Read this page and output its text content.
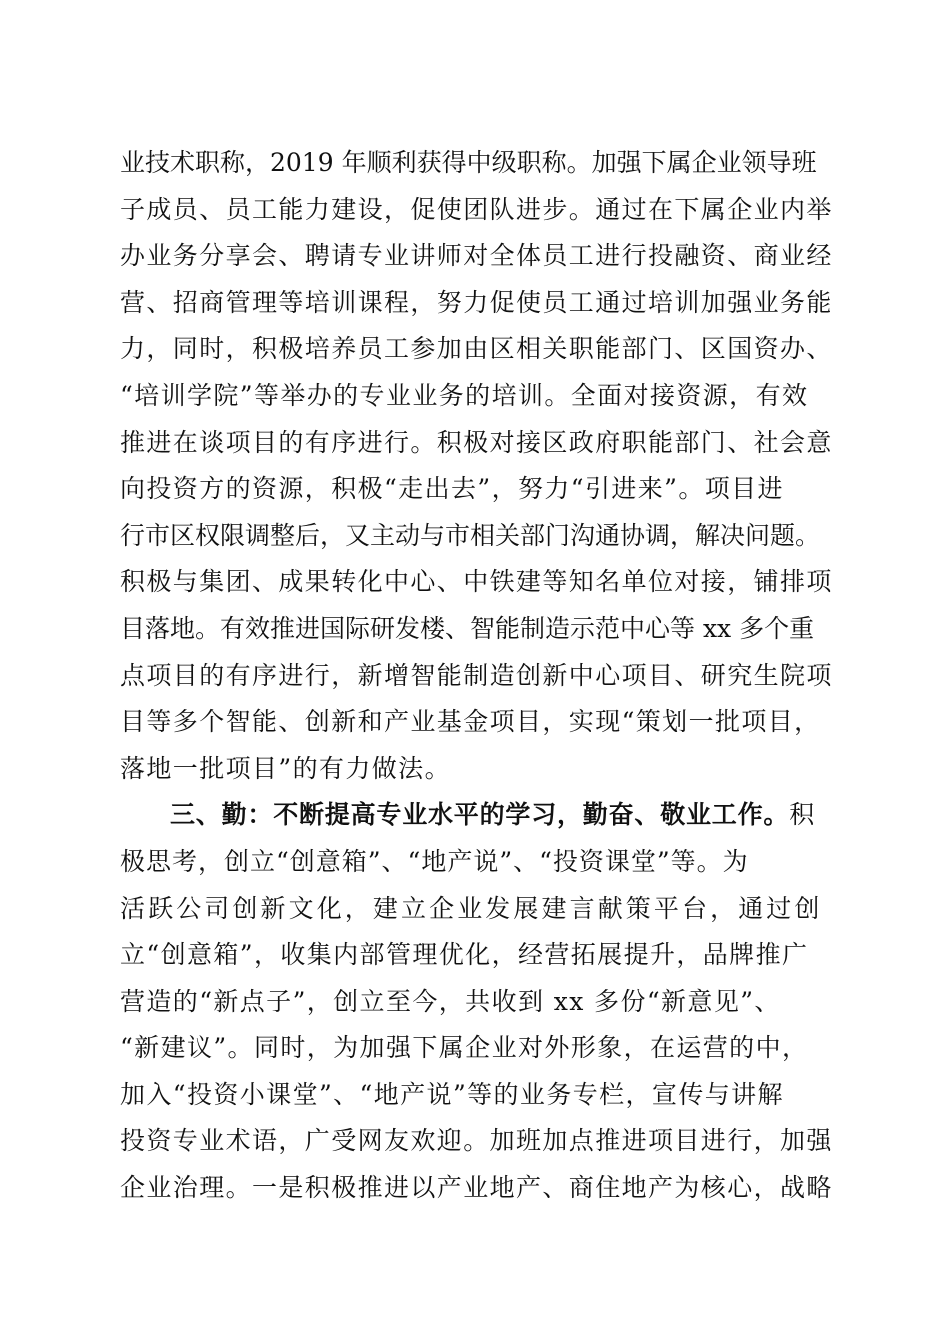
业技术职称，2019 年顺利获得中级职称。加强下属企业领导班
子成员、员工能力建设，促使团队进步。通过在下属企业内举
办业务分享会、聘请专业讲师对全体员工进行投融资、商业经
营、招商管理等培训课程，努力促使员工通过培训加强业务能
力，同时，积极培养员工参加由区相关职能部门、区国资办、
“培训学院”等举办的专业业务的培训。全面对接资源，有效
推进在谈项目的有序进行。积极对接区政府职能部门、社会意
向投资方的资源，积极“走出去”，努力“引进来”。项目进
行市区权限调整后，又主动与市相关部门沟通协调，解决问题。
积极与集团、成果转化中心、中铁建等知名单位对接，铺排项
目落地。有效推进国际研发楼、智能制造示范中心等 xx 多个重
点项目的有序进行，新增智能制造创新中心项目、研究生院项
目等多个智能、创新和产业基金项目，实现“策划一批项目，
落地一批项目”的有力做法。
三、勤：不断提高专业水平的学习，勤奋、敬业工作。积
极思考，创立“创意箱”、“地产说”、“投资课堂”等。为
活跃公司创新文化，建立企业发展建言献策平台，通过创
立“创意箱”，收集内部管理优化，经营拓展提升，品牌推广
营造的“新点子”，创立至今，共收到 xx 多份“新意见”、
“新建议”。同时，为加强下属企业对外形象，在运营的中，
加入“投资小课堂”、“地产说”等的业务专栏，宣传与讲解
投资专业术语，广受网友欢迎。加班加点推进项目进行，加强
企业治理。一是积极推进以产业地产、商住地产为核心，战略
